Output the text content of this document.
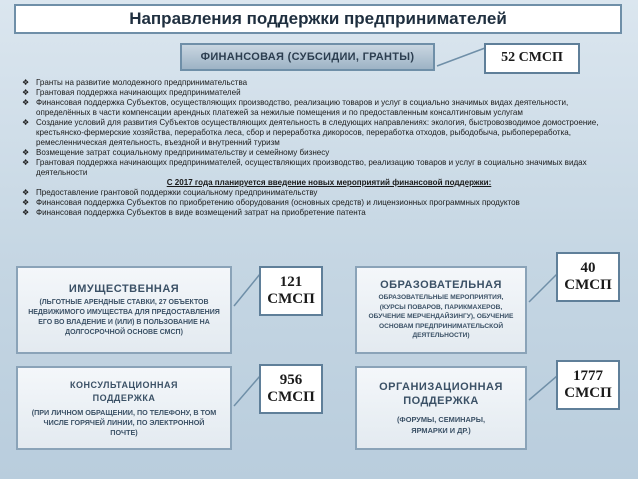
Направления поддержки предпринимателей
ФИНАНСОВАЯ (СУБСИДИИ, ГРАНТЫ)	52 СМСП
❖ Гранты на развитие молодежного предпринимательства
❖ Грантовая поддержка начинающих предпринимателей
❖ Финансовая поддержка Субъектов, осуществляющих производство, реализацию товаров и услуг в социально значимых видах деятельности, определённых в части компенсации арендных платежей за нежилые помещения и по предоставленным консалтинговым услугам
❖ Создание условий для развития Субъектов осуществляющих деятельность в следующих направлениях: экология, быстровозводимое домостроение, крестьянско-фермерские хозяйства, переработка леса, сбор и переработка дикоросов, переработка отходов, рыбодобыча, рыбопереработка, ремесленническая деятельность, въездной и внутренний туризм
❖ Возмещение затрат социальному предпринимательству и семейному бизнесу
❖ Грантовая поддержка начинающих предпринимателей, осуществляющих производство, реализацию товаров и услуг в социально значимых видах деятельности
С 2017 года планируется введение новых мероприятий финансовой поддержки:
❖ Предоставление грантовой поддержки социальному предпринимательству
❖ Финансовая поддержка Субъектов по приобретению оборудования (основных средств) и лицензионных программных продуктов
❖ Финансовая поддержка Субъектов в виде возмещений затрат на приобретение патента
ИМУЩЕСТВЕННАЯ
(ЛЬГОТНЫЕ АРЕНДНЫЕ СТАВКИ, 27 ОБЪЕКТОВ НЕДВИЖИМОГО ИМУЩЕСТВА ДЛЯ ПРЕДОСТАВЛЕНИЯ ЕГО ВО ВЛАДЕНИЕ И (ИЛИ) В ПОЛЬЗОВАНИЕ НА ДОЛГОСРОЧНОЙ ОСНОВЕ СМСП)
121
СМСП
ОБРАЗОВАТЕЛЬНАЯ
ОБРАЗОВАТЕЛЬНЫЕ МЕРОПРИЯТИЯ, (КУРСЫ ПОВАРОВ, ПАРИКМАХЕРОВ, ОБУЧЕНИЕ МЕРЧЕНДАЙЗИНГУ), ОБУЧЕНИЕ ОСНОВАМ ПРЕДПРИНИМАТЕЛЬСКОЙ ДЕЯТЕЛЬНОСТИ)
40
СМСП
КОНСУЛЬТАЦИОННАЯ ПОДДЕРЖКА
(ПРИ ЛИЧНОМ ОБРАЩЕНИИ, ПО ТЕЛЕФОНУ, В ТОМ ЧИСЛЕ ГОРЯЧЕЙ ЛИНИИ, ПО ЭЛЕКТРОННОЙ ПОЧТЕ)
956
СМСП
ОРГАНИЗАЦИОННАЯ ПОДДЕРЖКА
(ФОРУМЫ, СЕМИНАРЫ, ЯРМАРКИ И ДР.)
1777
СМСП
